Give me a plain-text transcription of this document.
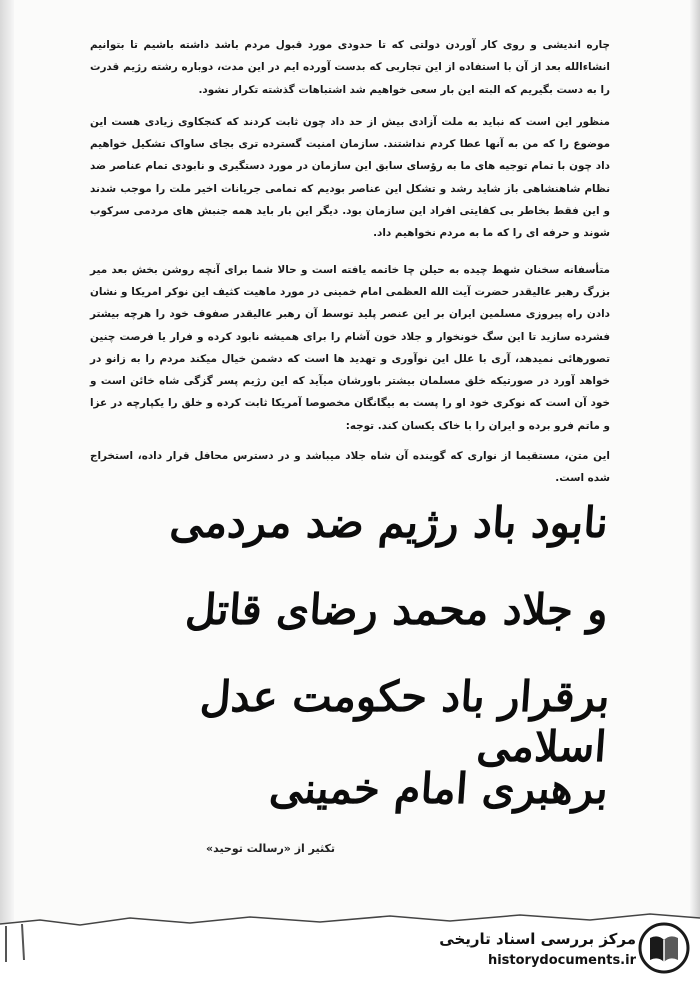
چاره اندیشی و روی کار آوردن دولتی که تا حدودی مورد قبول مردم باشد داشته باشیم تا بتوانیم انشاءالله بعد از آن با استفاده از این تجاربی که بدست آورده ایم در این مدت، دوباره رشته رژیم قدرت را به دست بگیریم که البته این بار سعی خواهیم شد اشتباهات گذشته تکرار نشود.

منظور این است که نباید به ملت آزادی بیش از حد داد چون ثابت کردند که کنجکاوی زیادی هست این موضوع را که من به آنها عطا کردم نداشتند. سازمان امنیت گسترده تری بجای ساواک تشکیل خواهیم داد چون با تمام توجیه های ما به رؤسای سابق این سازمان در مورد دستگیری و نابودی تمام عناصر ضد نظام شاهنشاهی باز شاید رشد و تشکل این عناصر بودیم که تمامی جریانات اخیر ملت را موجب شدند و این فقط بخاطر بی کفایتی افراد این سازمان بود. دیگر این بار باید همه جنبش های مردمی سرکوب شوند و حرفه ای را که ما به مردم نخواهیم داد.

متأسفانه سخنان شهط چیده به حیلن چا خاتمه یافته است و حالا شما برای آنچه روشن بخش بعد میر بزرگ رهبر عالیقدر حضرت آیت الله العظمی امام خمینی در مورد ماهیت کثیف این نوکر امریکا و نشان دادن راه پیروزی مسلمین ایران بر این عنصر پلید توسط آن رهبر عالیقدر صفوف خود را هرچه بیشتر فشرده سازید تا این سگ خونخوار و جلاد خون آشام را برای همیشه نابود کرده و فرار یا فرصت چنین تصورهائی نمیدهد، آری با علل این نوآوری و تهدید ها است که دشمن خیال میکند مردم را به زانو در خواهد آورد در صورتیکه خلق مسلمان بیشتر باورشان میآید که این رژیم پسر گزگی شاه خائن است و خود آن است که نوکری خود او را پست به بیگانگان مخصوصا آمریکا ثابت کرده و خلق را یکپارچه در عزا و ماتم فرو برده و ایران را با خاک یکسان کند. توجه:

این متن، مستقیما از نواری که گوینده آن شاه جلاد میباشد و در دسترس محافل قرار داده، استخراج شده است.

نابود باد رژیم ضد مردمی
و جلاد محمد رضای قاتل
برقرار باد حکومت عدل اسلامی
برهبری امام خمینی
تکثیر از «رسالت توحید»
مرکز بررسی اسناد تاریخی
historydocuments.ir
